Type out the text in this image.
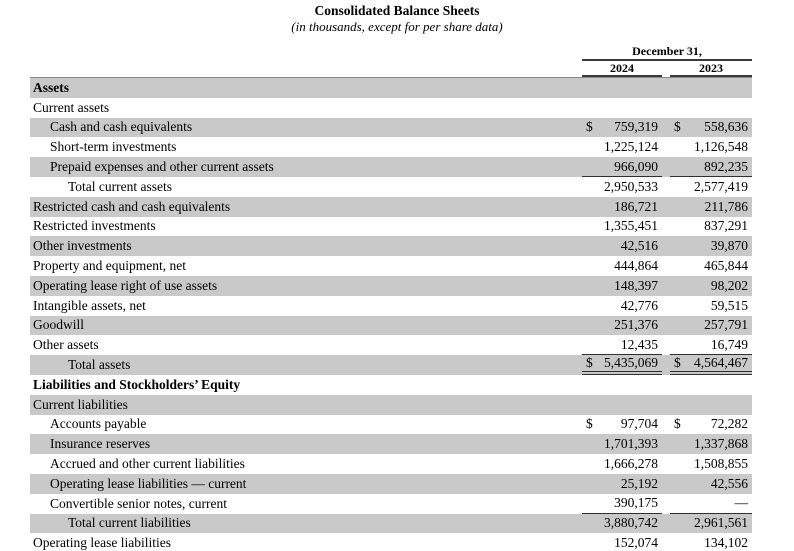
Consolidated Balance Sheets
(in thousands, except for per share data)
December 31,
2024	2023
Assets
Current assets
Cash and cash equivalents	$ 759,319 $ 558,636
Short-term investments	1,225,124	1,126,548
Prepaid expenses and other current assets	966,090	892,235
Total current assets	2,950,533	2,577,419
Restricted cash and cash equivalents	186,721	211,786
Restricted investments	1,355,451	837,291
Other investments	42,516	39,870
Property and equipment, net	444,864	465,844
Operating lease right of use assets	148,397	98,202
Intangible assets, net	42,776	59,515
Goodwill	251,376	257,791
Other assets	12,435	16,749
Total assets	$ 5,435,069 $ 4,564,467
Liabilities and Stockholders’ Equity
Current liabilities
Accounts payable	$ 97,704 $ 72,282
Insurance reserves	1,701,393	1,337,868
Accrued and other current liabilities	1,666,278	1,508,855
Operating lease liabilities — current	25,192	42,556
Convertible senior notes, current	390,175	—
Total current liabilities	3,880,742	2,961,561
Operating lease liabilities	152,074	134,102
